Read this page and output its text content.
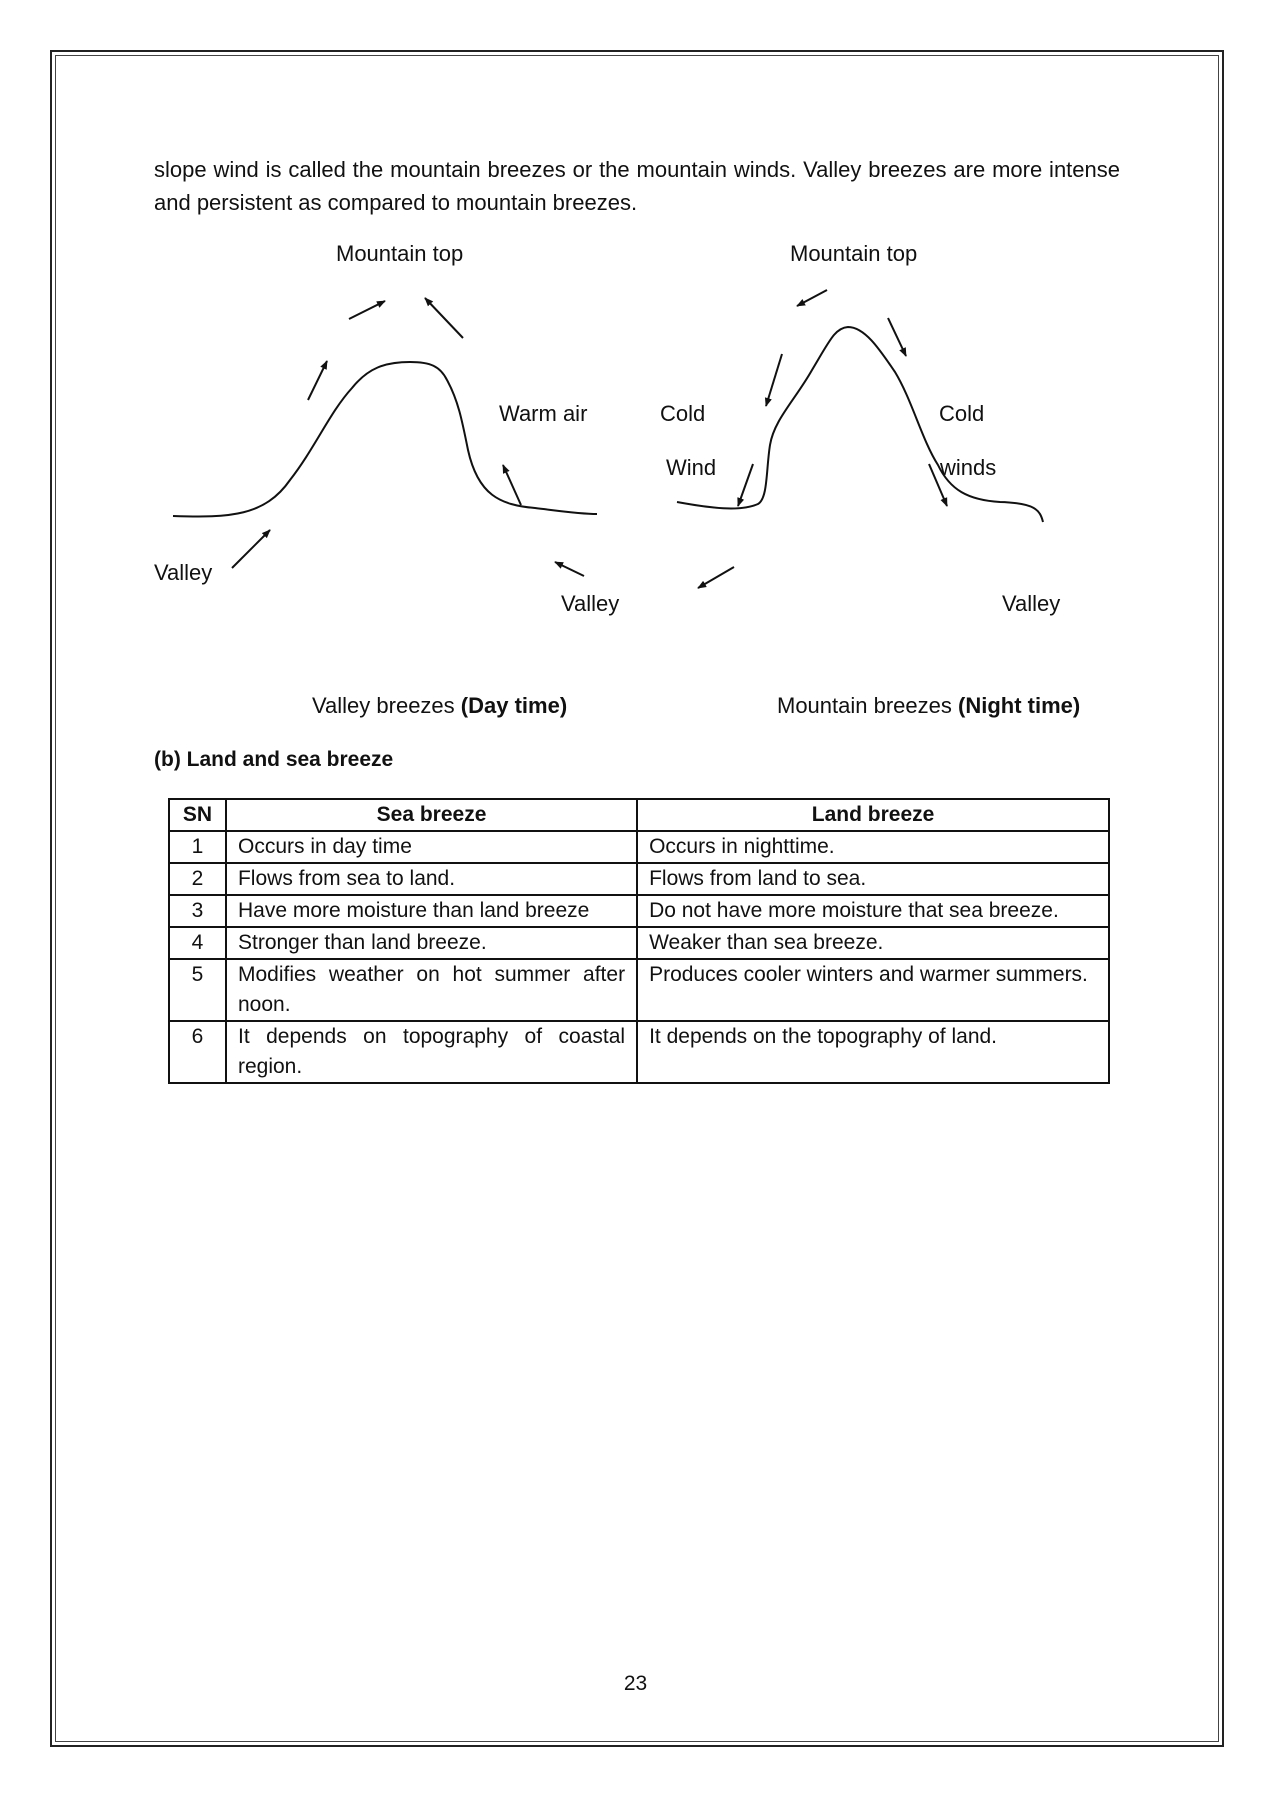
slope wind is called the mountain breezes or the mountain winds. Valley breezes are more intense and persistent as compared to mountain breezes.

Mountain top
Warm air
Valley
Valley
Mountain top
Cold
Wind
Cold
winds
Valley
Valley breezes (Day time)	Mountain breezes (Night time)

(b) Land and sea breeze

SN	Sea breeze	Land breeze
1	Occurs in day time	Occurs in nighttime.
2	Flows from sea to land.	Flows from land to sea.
3	Have more moisture than land breeze	Do not have more moisture that sea breeze.
4	Stronger than land breeze.	Weaker than sea breeze.
5	Modifies weather on hot summer after noon.	Produces cooler winters and warmer summers.
6	It depends on topography of coastal region.	It depends on the topography of land.
23
